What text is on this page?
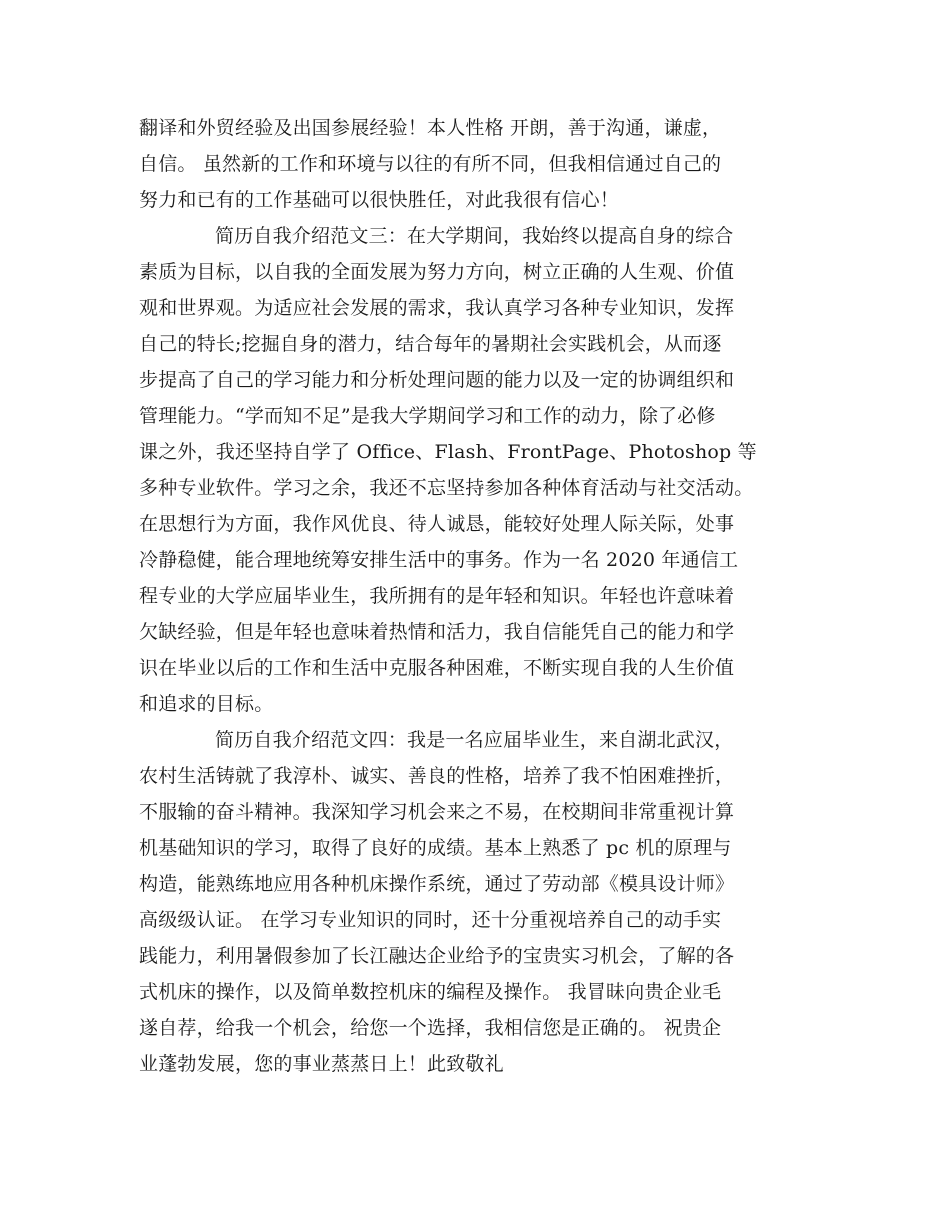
翻译和外贸经验及出国参展经验！本人性格 开朗，善于沟通，谦虚，
自信。 虽然新的工作和环境与以往的有所不同，但我相信通过自己的
努力和已有的工作基础可以很快胜任，对此我很有信心！
简历自我介绍范文三：在大学期间，我始终以提高自身的综合
素质为目标，以自我的全面发展为努力方向，树立正确的人生观、价值
观和世界观。为适应社会发展的需求，我认真学习各种专业知识，发挥
自己的特长;挖掘自身的潜力，结合每年的暑期社会实践机会，从而逐
步提高了自己的学习能力和分析处理问题的能力以及一定的协调组织和
管理能力。“学而知不足”是我大学期间学习和工作的动力，除了必修
课之外，我还坚持自学了 Office、Flash、FrontPage、Photoshop 等
多种专业软件。学习之余，我还不忘坚持参加各种体育活动与社交活动。
在思想行为方面，我作风优良、待人诚恳，能较好处理人际关际，处事
冷静稳健，能合理地统筹安排生活中的事务。作为一名 2020 年通信工
程专业的大学应届毕业生，我所拥有的是年轻和知识。年轻也许意味着
欠缺经验，但是年轻也意味着热情和活力，我自信能凭自己的能力和学
识在毕业以后的工作和生活中克服各种困难，不断实现自我的人生价值
和追求的目标。
简历自我介绍范文四：我是一名应届毕业生，来自湖北武汉，
农村生活铸就了我淳朴、诚实、善良的性格，培养了我不怕困难挫折，
不服输的奋斗精神。我深知学习机会来之不易，在校期间非常重视计算
机基础知识的学习，取得了良好的成绩。基本上熟悉了 pc 机的原理与
构造，能熟练地应用各种机床操作系统，通过了劳动部《模具设计师》
高级级认证。 在学习专业知识的同时，还十分重视培养自己的动手实
践能力，利用暑假参加了长江融达企业给予的宝贵实习机会，了解的各
式机床的操作，以及简单数控机床的编程及操作。 我冒昧向贵企业毛
遂自荐，给我一个机会，给您一个选择，我相信您是正确的。 祝贵企
业蓬勃发展，您的事业蒸蒸日上！此致敬礼
